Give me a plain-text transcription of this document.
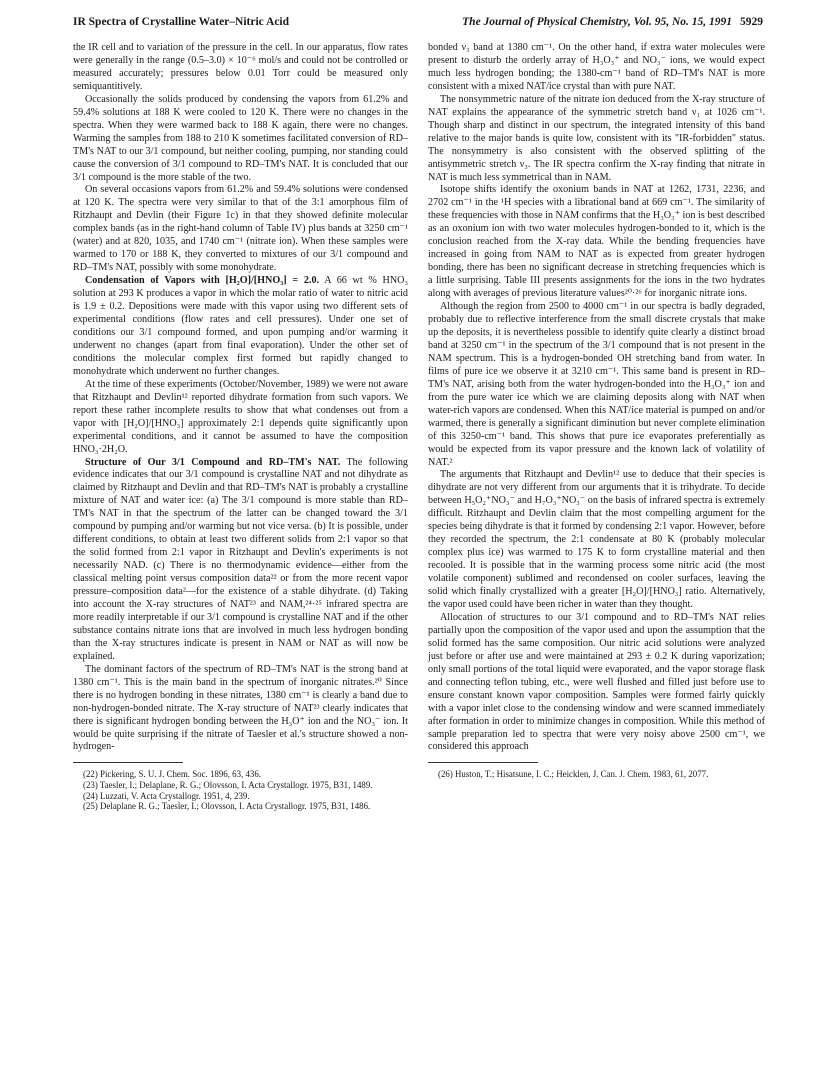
IR Spectra of Crystalline Water–Nitric Acid	The Journal of Physical Chemistry, Vol. 95, No. 15, 1991 5929

the IR cell and to variation of the pressure in the cell. In our apparatus, flow rates were generally in the range (0.5–3.0) × 10⁻⁶ mol/s and could not be controlled or measured accurately; pressures below 0.01 Torr could be measured only semiquantitively.

Occasionally the solids produced by condensing the vapors from 61.2% and 59.4% solutions at 188 K were cooled to 120 K. There were no changes in the spectra. When they were warmed back to 188 K again, there were no changes. Warming the samples from 188 to 210 K sometimes facilitated conversion of RD–TM's NAT to our 3/1 compound, but neither cooling, pumping, nor standing could cause the conversion of 3/1 compound to RD–TM's NAT. It is concluded that our 3/1 compound is the more stable of the two.

On several occasions vapors from 61.2% and 59.4% solutions were condensed at 120 K. The spectra were very similar to that of the 3:1 amorphous film of Ritzhaupt and Devlin (their Figure 1c) in that they showed definite molecular complex bands (as in the right-hand column of Table IV) plus bands at 3250 cm⁻¹ (water) and at 820, 1035, and 1740 cm⁻¹ (nitrate ion). When these samples were warmed to 170 or 188 K, they converted to mixtures of our 3/1 compound and RD–TM's NAT, possibly with some monohydrate.

Condensation of Vapors with [H₂O]/[HNO₃] = 2.0. A 66 wt % HNO₃ solution at 293 K produces a vapor in which the molar ratio of water to nitric acid is 1.9 ± 0.2. Depositions were made with this vapor using two different sets of experimental conditions (flow rates and cell pressures). Under one set of conditions our 3/1 compound formed, and upon pumping and/or warming it underwent no changes (apart from final evaporation). Under the other set of conditions the molecular complex first formed but rapidly changed to monohydrate which underwent no further changes.

At the time of these experiments (October/November, 1989) we were not aware that Ritzhaupt and Devlin¹² reported dihydrate formation from such vapors. We report these rather incomplete results to show that what condenses out from a vapor with [H₂O]/[HNO₃] approximately 2:1 depends quite significantly upon experimental conditions, and it cannot be assumed to have the composition HNO₃·2H₂O.

Structure of Our 3/1 Compound and RD–TM's NAT. The following evidence indicates that our 3/1 compound is crystalline NAT and not dihydrate as claimed by Ritzhaupt and Devlin and that RD–TM's NAT is probably a crystalline mixture of NAT and water ice: (a) The 3/1 compound is more stable than RD–TM's NAT in that the spectrum of the latter can be changed toward the 3/1 compound by pumping and/or warming but not vice versa. (b) It is possible, under different conditions, to obtain at least two different solids from 2:1 vapor so that the solid formed from 2:1 vapor in Ritzhaupt and Devlin's experiments is not necessarily NAD. (c) There is no thermodynamic evidence—either from the classical melting point versus composition data²² or from the more recent vapor pressure–composition data²—for the existence of a stable dihydrate. (d) Taking into account the X-ray structures of NAT²³ and NAM,²⁴·²⁵ infrared spectra are more readily interpretable if our 3/1 compound is crystalline NAT and if the other substance contains nitrate ions that are involved in much less hydrogen bonding than the X-ray structures indicate is present in NAM or NAT as will now be explained.

The dominant factors of the spectrum of RD–TM's NAT is the strong band at 1380 cm⁻¹. This is the main band in the spectrum of inorganic nitrates.²⁰ Since there is no hydrogen bonding in these nitrates, 1380 cm⁻¹ is clearly a band due to non-hydrogen-bonded nitrate. The X-ray structure of NAT²³ clearly indicates that there is significant hydrogen bonding between the H₃O⁺ ion and the NO₃⁻ ion. It would be quite surprising if the nitrate of Taesler et al.'s structure showed a non-hydrogen-

(22) Pickering, S. U. J. Chem. Soc. 1896, 63, 436.
(23) Taesler, I.; Delaplane, R. G.; Olovsson, I. Acta Crystallogr. 1975, B31, 1489.
(24) Luzzati, V. Acta Crystallogr. 1951, 4, 239.
(25) Delaplane R. G.; Taesler, I.; Olovsson, I. Acta Crystallogr. 1975, B31, 1486.

bonded ν₃ band at 1380 cm⁻¹. On the other hand, if extra water molecules were present to disturb the orderly array of H₃O₃⁺ and NO₃⁻ ions, we would expect much less hydrogen bonding; the 1380-cm⁻¹ band of RD–TM's NAT is more consistent with a mixed NAT/ice crystal than with pure NAT.

The nonsymmetric nature of the nitrate ion deduced from the X-ray structure of NAT explains the appearance of the symmetric stretch band ν₁ at 1026 cm⁻¹. Though sharp and distinct in our spectrum, the integrated intensity of this band relative to the major bands is quite low, consistent with its "IR-forbidden" status. The nonsymmetry is also consistent with the observed splitting of the antisymmetric stretch ν₃. The IR spectra confirm the X-ray finding that nitrate in NAT is much less symmetrical than in NAM.

Isotope shifts identify the oxonium bands in NAT at 1262, 1731, 2236, and 2702 cm⁻¹ in the ¹H species with a librational band at 669 cm⁻¹. The similarity of these frequencies with those in NAM confirms that the H₃O₃⁺ ion is best described as an oxonium ion with two water molecules hydrogen-bonded to it, which is the conclusion reached from the X-ray data. While the bending frequencies have increased in going from NAM to NAT as is expected from greater hydrogen bonding, there has been no significant decrease in stretching frequencies which is a little surprising. Table III presents assignments for the ions in the two hydrates along with averages of previous literature values²⁰·²⁶ for inorganic nitrate ions.

Although the region from 2500 to 4000 cm⁻¹ in our spectra is badly degraded, probably due to reflective interference from the small discrete crystals that make up the deposits, it is nevertheless possible to identify quite clearly a distinct broad band at 3250 cm⁻¹ in the spectrum of the 3/1 compound that is not present in the NAM spectrum. This is a hydrogen-bonded OH stretching band from water. In films of pure ice we observe it at 3210 cm⁻¹. This same band is present in RD–TM's NAT, arising both from the water hydrogen-bonded into the H₃O₃⁺ ion and from the pure water ice which we are claiming deposits along with NAT when water-rich vapors are condensed. When this NAT/ice material is pumped on and/or warmed, there is generally a significant diminution but never complete elimination of this 3250-cm⁻¹ band. This shows that pure ice evaporates preferentially as would be expected from its vapor pressure and the known lack of volatility of NAT.²

The arguments that Ritzhaupt and Devlin¹² use to deduce that their species is dihydrate are not very different from our arguments that it is trihydrate. To decide between H₅O₂⁺NO₃⁻ and H₇O₃⁺NO₃⁻ on the basis of infrared spectra is extremely difficult. Ritzhaupt and Devlin claim that the most compelling argument for the species being dihydrate is that it formed by condensing 2:1 vapor. However, before they recorded the spectrum, the 2:1 condensate at 80 K (probably molecular complex plus ice) was warmed to 175 K to form crystalline material and then recooled. It is possible that in the warming process some nitric acid (the most volatile component) sublimed and recondensed on cooler surfaces, leaving the solid which finally crystallized with a greater [H₂O]/[HNO₃] ratio. Alternatively, the vapor used could have been richer in water than they thought.

Allocation of structures to our 3/1 compound and to RD–TM's NAT relies partially upon the composition of the vapor used and upon the assumption that the solid formed has the same composition. Our nitric acid solutions were analyzed just before or after use and were maintained at 293 ± 0.2 K during vaporization; only small portions of the total liquid were evaporated, and the vapor storage flask and connecting teflon tubing, etc., were well flushed and filled just before use to ensure constant known vapor composition. Samples were formed fairly quickly with a vapor inlet close to the condensing window and were scanned immediately after formation in order to minimize changes in composition. While this method of sample preparation led to spectra that were very noisy above 2500 cm⁻¹, we considered this approach

(26) Huston, T.; Hisatsune, I. C.; Heicklen, J. Can. J. Chem. 1983, 61, 2077.
